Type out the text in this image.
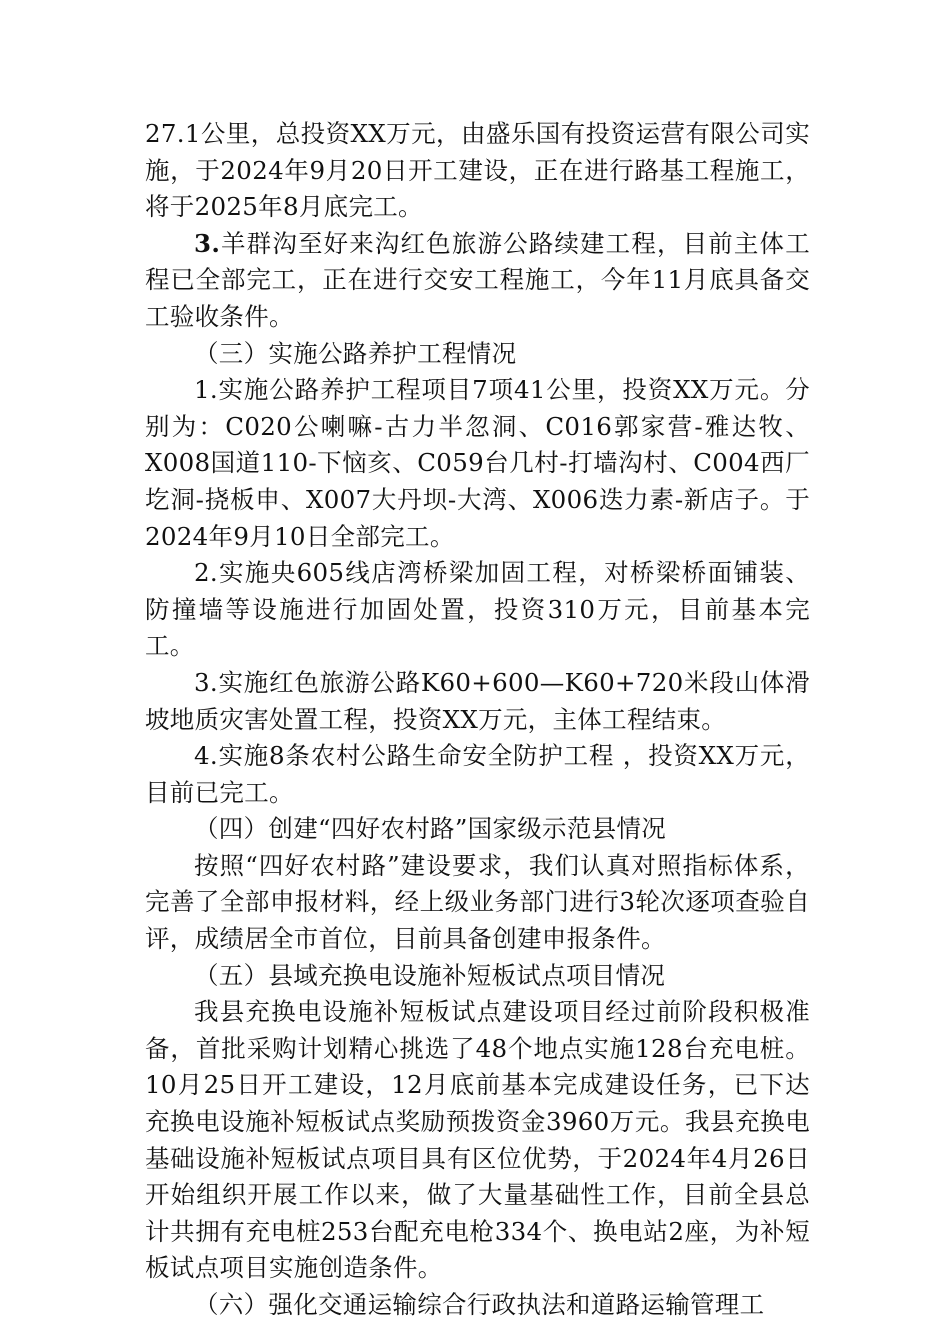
27.1公里，总投资XX万元，由盛乐国有投资运营有限公司实施，于2024年9月20日开工建设，正在进行路基工程施工，将于2025年8月底完工。

3.羊群沟至好来沟红色旅游公路续建工程，目前主体工程已全部完工，正在进行交安工程施工，今年11月底具备交工验收条件。

（三）实施公路养护工程情况

1.实施公路养护工程项目7项41公里，投资XX万元。分别为：C020公喇嘛-古力半忽洞、C016郭家营-雅达牧、X008国道110-下恼亥、C059台几村-打墙沟村、C004西厂圪洞-挠板申、X007大丹坝-大湾、X006迭力素-新店子。于2024年9月10日全部完工。

2.实施央605线店湾桥梁加固工程，对桥梁桥面铺装、防撞墙等设施进行加固处置，投资310万元，目前基本完工。

3.实施红色旅游公路K60+600—K60+720米段山体滑坡地质灾害处置工程，投资XX万元，主体工程结束。

4.实施8条农村公路生命安全防护工程 ，投资XX万元，目前已完工。

（四）创建“四好农村路”国家级示范县情况

按照“四好农村路”建设要求，我们认真对照指标体系，完善了全部申报材料，经上级业务部门进行3轮次逐项查验自评，成绩居全市首位，目前具备创建申报条件。

（五）县域充换电设施补短板试点项目情况

我县充换电设施补短板试点建设项目经过前阶段积极准备，首批采购计划精心挑选了48个地点实施128台充电桩。10月25日开工建设，12月底前基本完成建设任务，已下达充换电设施补短板试点奖励预拨资金3960万元。我县充换电基础设施补短板试点项目具有区位优势，于2024年4月26日开始组织开展工作以来，做了大量基础性工作，目前全县总计共拥有充电桩253台配充电枪334个、换电站2座，为补短板试点项目实施创造条件。

（六）强化交通运输综合行政执法和道路运输管理工
